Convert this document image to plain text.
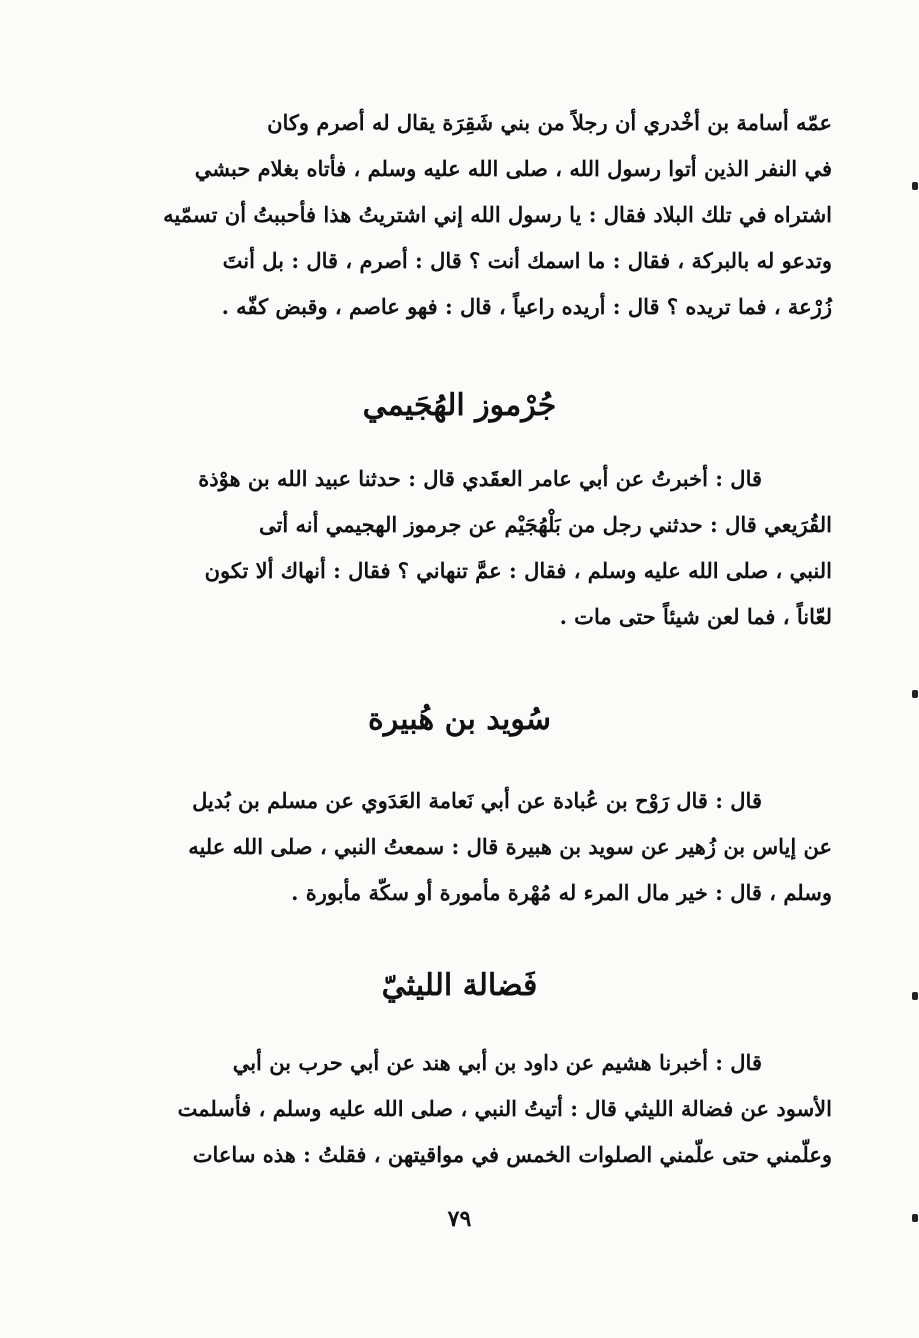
عمّه أسامة بن أخْدري أن رجلاً من بني شَقِرَة يقال له أصرم وكان

في النفر الذين أتوا رسول الله ، صلى الله عليه وسلم ، فأتاه بغلام حبشي

اشتراه في تلك البلاد فقال : يا رسول الله إني اشتريتُ هذا فأحببتُ أن تسمّيه

وتدعو له بالبركة ، فقال : ما اسمك أنت ؟ قال : أصرم ، قال : بل أنتَ

زُرْعة ، فما تريده ؟ قال : أريده راعياً ، قال : فهو عاصم ، وقبض كفّه .

جُرْموز الهُجَيمي

قال : أخبرتُ عن أبي عامر العقَدي قال : حدثنا عبيد الله بن هوْذة

القُرَيعي قال : حدثني رجل من بَلْهُجَيْم عن جرموز الهجيمي أنه أتى

النبي ، صلى الله عليه وسلم ، فقال : عمَّ تنهاني ؟ فقال : أنهاك ألا تكون

لعّاناً ، فما لعن شيئاً حتى مات .

سُويد بن هُبيرة

قال : قال رَوْح بن عُبادة عن أبي نَعامة العَدَوي عن مسلم بن بُديل

عن إياس بن زُهير عن سويد بن هبيرة قال : سمعتُ النبي ، صلى الله عليه

وسلم ، قال : خير مال المرء له مُهْرة مأمورة أو سكّة مأبورة .

فَضالة الليثيّ

قال : أخبرنا هشيم عن داود بن أبي هند عن أبي حرب بن أبي

الأسود عن فضالة الليثي قال : أتيتُ النبي ، صلى الله عليه وسلم ، فأسلمت

وعلّمني حتى علّمني الصلوات الخمس في مواقيتهن ، فقلتُ : هذه ساعات

٧٩
